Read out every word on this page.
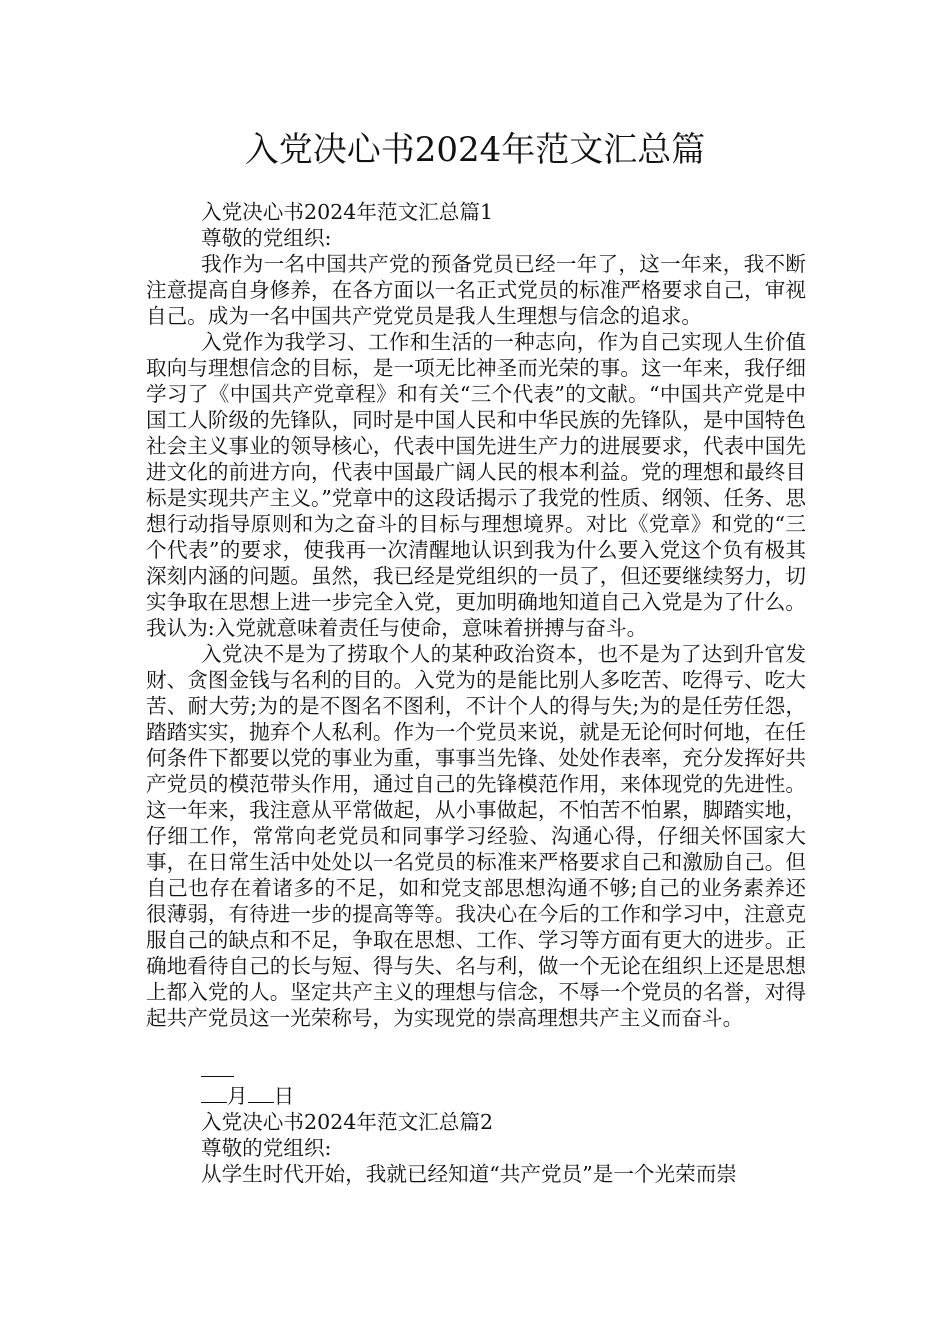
入党决心书2024年范文汇总篇

入党决心书2024年范文汇总篇1

尊敬的党组织:

我作为一名中国共产党的预备党员已经一年了，这一年来，我不断注意提高自身修养，在各方面以一名正式党员的标准严格要求自己，审视自己。成为一名中国共产党党员是我人生理想与信念的追求。

入党作为我学习、工作和生活的一种志向，作为自己实现人生价值取向与理想信念的目标，是一项无比神圣而光荣的事。这一年来，我仔细学习了《中国共产党章程》和有关“三个代表”的文献。“中国共产党是中国工人阶级的先锋队，同时是中国人民和中华民族的先锋队，是中国特色社会主义事业的领导核心，代表中国先进生产力的进展要求，代表中国先进文化的前进方向，代表中国最广阔人民的根本利益。党的理想和最终目标是实现共产主义。”党章中的这段话揭示了我党的性质、纲领、任务、思想行动指导原则和为之奋斗的目标与理想境界。对比《党章》和党的“三个代表”的要求，使我再一次清醒地认识到我为什么要入党这个负有极其深刻内涵的问题。虽然，我已经是党组织的一员了，但还要继续努力，切实争取在思想上进一步完全入党，更加明确地知道自己入党是为了什么。我认为:入党就意味着责任与使命，意味着拼搏与奋斗。

入党决不是为了捞取个人的某种政治资本，也不是为了达到升官发财、贪图金钱与名利的目的。入党为的是能比别人多吃苦、吃得亏、吃大苦、耐大劳;为的是不图名不图利，不计个人的得与失;为的是任劳任怨，踏踏实实，抛弃个人私利。作为一个党员来说，就是无论何时何地，在任何条件下都要以党的事业为重，事事当先锋、处处作表率，充分发挥好共产党员的模范带头作用，通过自己的先锋模范作用，来体现党的先进性。这一年来，我注意从平常做起，从小事做起，不怕苦不怕累，脚踏实地，仔细工作，常常向老党员和同事学习经验、沟通心得，仔细关怀国家大事，在日常生活中处处以一名党员的标准来严格要求自己和激励自己。但自己也存在着诸多的不足，如和党支部思想沟通不够;自己的业务素养还很薄弱，有待进一步的提高等等。我决心在今后的工作和学习中，注意克服自己的缺点和不足，争取在思想、工作、学习等方面有更大的进步。正确地看待自己的长与短、得与失、名与利，做一个无论在组织上还是思想上都入党的人。坚定共产主义的理想与信念，不辱一个党员的名誉，对得起共产党员这一光荣称号，为实现党的崇高理想共产主义而奋斗。

月 日

入党决心书2024年范文汇总篇2

尊敬的党组织:

从学生时代开始，我就已经知道“共产党员”是一个光荣而崇
